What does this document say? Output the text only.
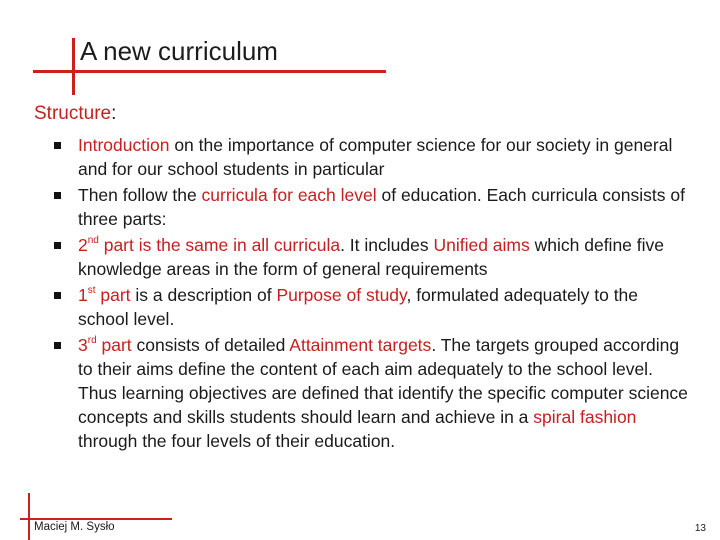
A new curriculum
Structure:
Introduction on the importance of computer science for our society in general and for our school students in particular
Then follow the curricula for each level of education. Each curricula consists of three parts:
2nd part is the same in all curricula. It includes Unified aims which define five knowledge areas in the form of general requirements
1st part is a description of Purpose of study, formulated adequately to the school level.
3rd part consists of detailed Attainment targets. The targets grouped according to their aims define the content of each aim adequately to the school level. Thus learning objectives are defined that identify the specific computer science concepts and skills students should learn and achieve in a spiral fashion through the four levels of their education.
Maciej M. Sysło	13
